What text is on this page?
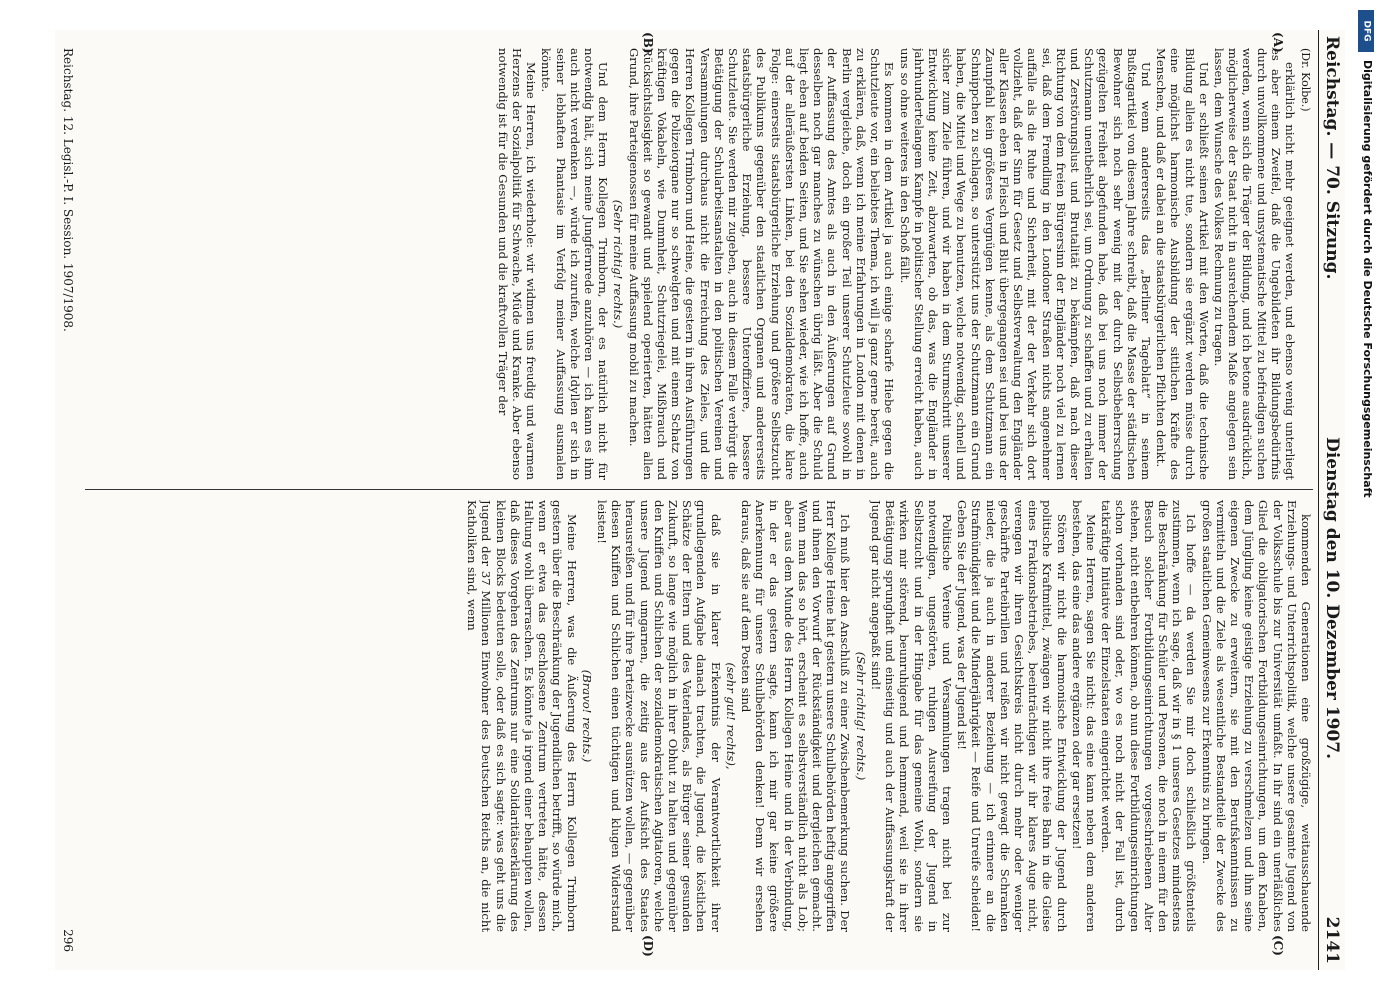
Reichstag. — 70. Sitzung.
Dienstag den 10. Dezember 1907.
2141
(Dr. Kolbe.)

erklärlich nicht mehr geeignet werden, und ebenso wenig unterliegt es aber einem Zweifel, daß die Ungebildeten ihr Bildungsbedürfnis durch unvollkommene und unsystematische Mittel zu befriedigen suchen werden, wenn sich die Träger der Bildung, und ich betone ausdrücklich, möglicherweise der Staat nicht in ausreichendem Maße angelegen sein lassen, dem Wunsche des Volkes Rechnung zu tragen.

Und er schließt seinen Artikel mit den Worten, daß die technische Bildung allein es nicht tue, sondern sie ergänzt werden müsse durch eine möglichst harmonische Ausbildung der sittlichen Kräfte des Menschen, und daß er dabei an die staatsbürgerlichen Pflichten denkt.

Und wenn andererseits das „Berliner Tageblatt“ in seinem Bußtagartikel von diesem Jahre schreibt, daß die Masse der städtischen Bewohner sich noch sehr wenig mit der durch Selbstbeherrschung gezügelten Freiheit abgefunden habe, daß bei uns noch immer der Schutzmann unentbehrlich sei, um Ordnung zu schaffen und zu erhalten und Zerstörungslust und Brutalität zu bekämpfen, daß nach dieser Richtung von dem freien Bürgersinn der Engländer noch viel zu lernen sei, daß dem Fremdling in den Londoner Straßen nichts angenehmer auffalle als die Ruhe und Sicherheit, mit der der Verkehr sich dort vollzieht, daß der Sinn für Gesetz und Selbstverwaltung den Engländer aller Klassen eben in Fleisch und Blut übergegangen sei und bei uns der Zaunpfahl kein größeres Vergnügen kenne, als dem Schutzmann ein Schnippchen zu schlagen, so unterstützt uns der Schutzmann ein Grund haben, die Mittel und Wege zu benutzen, welche notwendig, schnell und sicher zum Ziele führen, und wir haben in dem Sturmschritt unserer Entwicklung keine Zeit, abzuwarten, ob das, was die Engländer in jahrhundertelangem Kampfe in politischer Stellung erreicht haben, auch uns so ohne weiteres in den Schoß fällt.

Es kommen in dem Artikel ja auch einige scharfe Hiebe gegen die Schutzleute vor, ein beliebtes Thema, ich will ja ganz gerne bereit, auch zu erklären, daß, wenn ich meine Erfahrungen in London mit denen in Berlin vergleiche, doch ein großer Teil unserer Schutzleute sowohl in der Auffassung des Amtes als auch in den Äußerungen auf Grund desselben noch gar manches zu wünschen übrig läßt. Aber die Schuld liegt eben auf beiden Seiten, und Sie sehen wieder, wie ich hoffe, auch auf der alleräußersten Linken, bei den Sozialdemokraten, die klare Folge: einerseits staatsbürgerliche Erziehung und größere Selbstzucht des Publikums gegenüber den staatlichen Organen und andererseits staatsbürgerliche Erziehung, bessere Unteroffiziere, bessere Schutzleute. Sie werden mir zugeben, auch in diesem Falle verbürgt die Betätigung der Schularbeitsanstalten in den politischen Vereinen und Versammlungen durchaus nicht die Erreichung des Zieles, und die Herren Kollegen Trimborn und Heine, die gestern in ihren Ausführungen gegen die Polizeiorgane nur so schwelgten und mit einem Schatz von kräftigen Vokabeln, wie Dummheit, Schutzriegelei, Mißbrauch und Rücksichtslosigkeit so gewandt und spielend operierten, hätten allen Grund, ihre Parteigenossen für meine Auffassung mobil zu machen.

(Sehr richtig! rechts.)

Und dem Herrn Kollegen Trimborn, der es natürlich nicht für notwendig hält, sich meine Jungfernrede anzuhören — ich kann es ihm auch nicht verdenken —, würde ich zurufen, welche Idyllen er sich in seiner lebhaften Phantasie im Verfolg meiner Auffassung ausmalen könnte.

Meine Herren, ich wiederhole: wir widmen uns freudig und warmen Herzens der Sozialpolitik für Schwache, Müde und Kranke. Aber ebenso notwendig ist für die Gesunden und die kraftvollen Träger der

kommenden Generationen eine großzügige, weitausschauende Erziehungs- und Unterrichtspolitik, welche unsere gesamte Jugend von der Volksschule bis zur Universität umfaßt. In ihr sind ein unerläßliches Glied die obligatorischen Fortbildungseinrichtungen, um dem Knaben, dem Jüngling keine geistige Erziehung zu verschmelzen und ihm seine eigenen Zwecke zu erweitern, sie mit den Berufskenntnissen zu vermitteln und die Ziele als wesentliche Bestandteile der Zwecke des großen staatlichen Gemeinwesens zur Erkenntnis zu bringen.

Ich hoffe — da werden Sie mir doch schließlich größtenteils zustimmen, wenn ich sage, daß wir in § 1 unseres Gesetzes mindestens die Beschränkung für Schüler und Personen, die noch in einem für den Besuch solcher Fortbildungseinrichtungen vorgeschriebenen Alter stehen, nicht entbehren können, ob nun diese Fortbildungseinrichtungen schon vorhanden sind oder, wo es noch nicht der Fall ist, durch tatkräftige Initiative der Einzelstaaten eingerichtet werden.

Meine Herren, sagen Sie nicht: das eine kann neben dem anderen bestehen, das eine das andere ergänzen oder gar ersetzen!

Stören wir nicht die harmonische Entwicklung der Jugend durch politische Kraftmittel, zwängen wir nicht ihre freie Bahn in die Gleise eines Fraktionsbetriebes, beeinträchtigen wir ihr klares Auge nicht, verengen wir ihren Gesichtskreis nicht durch mehr oder weniger geschärfte Parteibrillen und reißen wir nicht gewagt die Schranken nieder, die ja auch in anderer Beziehung — ich erinnere an die Strafmündigkeit und die Minderjährigkeit — Reife und Unreife scheiden! Geben Sie der Jugend, was der Jugend ist!

Politische Vereine und Versammlungen tragen nicht bei zur notwendigen, ungestörten, ruhigen Ausreifung der Jugend in Selbstzucht und in der Hingabe für das gemeine Wohl, sondern sie wirken mir störend, beunruhigend und hemmend, weil sie in ihrer Betätigung sprunghaft und einseitig und auch der Auffassungskraft der Jugend gar nicht angepaßt sind!

(Sehr richtig! rechts.)

Ich muß hier den Anschluß zu einer Zwischenbemerkung suchen. Der Herr Kollege Heine hat gestern unsere Schulbehörden heftig angegriffen und ihnen den Vorwurf der Rückständigkeit und dergleichen gemacht. Wenn man das so hört, erscheint es selbstverständlich nicht als Lob; aber aus dem Munde des Herrn Kollegen Heine und in der Verbindung, in der er das gestern sagte, kann ich mir gar keine größere Anerkennung für unsere Schulbehörden denken! Denn wir ersehen daraus, daß sie auf dem Posten sind

(sehr gut! rechts),

daß sie in klarer Erkenntnis der Verantwortlichkeit ihrer grundlegenden Aufgabe danach trachten, die Jugend, die köstlichen Schätze der Eltern und des Vaterlandes, als Bürger seiner gesunden Zukunft, so lange wie möglich in ihrer Obhut zu halten und gegenüber den Kniffen und Schlichen der sozialdemokratischen Agitatoren, welche unsere Jugend umgarnen, die zeitig aus der Aufsicht des Staates herausreißen und für ihre Parteizwecke ausnützen wollen, — gegenüber diesen Kniffen und Schlichen einen tüchtigen und klugen Widerstand leisten!

(Bravo! rechts.)

Meine Herren, was die Äußerung des Herrn Kollegen Trimborn gestern über die Beschränkung der Jugendlichen betrifft, so würde mich, wenn er etwa das geschlossene Zentrum vertreten hätte, dessen Haltung wohl überraschen. Es könnte ja irgend einer behaupten wollen, daß dieses Vorgehen des Zentrums nur eine Solidaritätserklärung des kleinen Blocks bedeuten solle, oder daß es sich sagte: was geht uns die Jugend der 37 Millionen Einwohner des Deutschen Reichs an, die nicht Katholiken sind, wenn

(A)
(B)
(C)
(D)
Reichstag. 12. Legisl.-P. I. Session. 1907/1908.
296
DFG
Digitalisierung gefördert durch die Deutsche Forschungsgemeinschaft
